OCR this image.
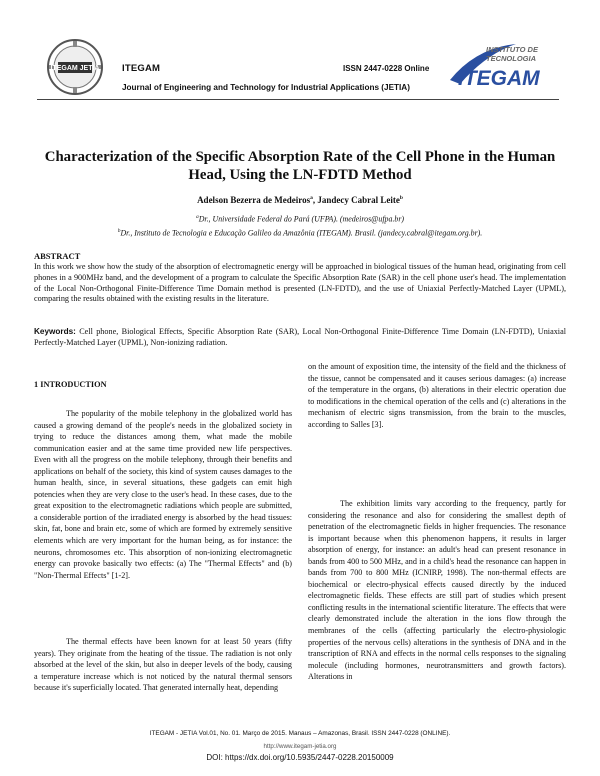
ITEGAM JETIA ITEGAM
Journal of Engineering and Technology for Industrial Applications (JETIA)
ISSN 2447-0228 Online
INSTITUTO DE
TECNOLOGIA
ITEGAM
Characterization of the Specific Absorption Rate of the Cell Phone in the Human Head, Using the LN-FDTD Method
Adelson Bezerra de Medeiros$^a$, Jandecy Cabral Leite$^b$
$^a$Dr., Universidade Federal do Pará (UFPA). (medeiros@ufpa.br)
$^b$Dr., Instituto de Tecnologia e Educação Galileo da Amazônia (ITEGAM). Brasil. (jandecy.cabral@itegam.org.br).
ABSTRACT
In this work we show how the study of the absorption of electromagnetic energy will be approached in biological tissues of the human head, originating from cell phones in a 900MHz band, and the development of a program to calculate the Specific Absorption Rate (SAR) in the cell phone user's head. The implementation of the Local Non-Orthogonal Finite-Difference Time Domain method is presented (LN-FDTD), and the use of Uniaxial Perfectly-Matched Layer (UPML), comparing the results obtained with the existing results in the literature.
Keywords: Cell phone, Biological Effects, Specific Absorption Rate (SAR), Local Non-Orthogonal Finite-Difference Time Domain (LN-FDTD), Uniaxial Perfectly-Matched Layer (UPML), Non-ionizing radiation.
1 INTRODUCTION

The popularity of the mobile telephony in the globalized world has caused a growing demand of the people's needs in the globalized society in trying to reduce the distances among them, what made the mobile communication easier and at the same time provided new life perspectives. Even with all the progress on the mobile telephony, through their benefits and applications on behalf of the society, this kind of system causes damages to the human health, since, in several situations, these gadgets can emit high potencies when they are very close to the user's head. In these cases, due to the great exposition to the electromagnetic radiations which people are submitted, a considerable portion of the irradiated energy is absorbed by the head tissues: skin, fat, bone and brain etc, some of which are formed by extremely sensitive elements which are very important for the human being, as for instance: the neurons, chromosomes etc. This absorption of non-ionizing electromagnetic energy can provoke basically two effects: (a) The "Thermal Effects" and (b) "Non-Thermal Effects" [1-2].

The thermal effects have been known for at least 50 years (fifty years). They originate from the heating of the tissue. The radiation is not only absorbed at the level of the skin, but also in deeper levels of the body, causing a temperature increase which is not noticed by the natural thermal sensors because it's superficially located. That generated internally heat, depending

on the amount of exposition time, the intensity of the field and the thickness of the tissue, cannot be compensated and it causes serious damages: (a) increase of the temperature in the organs, (b) alterations in their electric operation due to modifications in the chemical operation of the cells and (c) alterations in the mechanism of electric signs transmission, from the brain to the muscles, according to Salles [3].

The exhibition limits vary according to the frequency, partly for considering the resonance and also for considering the smallest depth of penetration of the electromagnetic fields in higher frequencies. The resonance is important because when this phenomenon happens, it results in larger absorption of energy, for instance: an adult's head can present resonance in bands from 400 to 500 MHz, and in a child's head the resonance can happen in bands from 700 to 800 MHz (ICNIRP, 1998). The non-thermal effects are biochemical or electro-physical effects caused directly by the induced electromagnetic fields. These effects are still part of studies which present conflicting results in the international scientific literature. The effects that were clearly demonstrated include the alteration in the ions flow through the membranes of the cells (affecting particularly the electro-physiologic properties of the nervous cells) alterations in the synthesis of DNA and in the transcription of RNA and effects in the normal cells responses to the signaling molecule (including hormones, neurotransmitters and growth factors). Alterations in

ITEGAM - JETIA Vol.01, No. 01. Março de 2015. Manaus – Amazonas, Brasil. ISSN 2447-0228 (ONLINE).
http://www.itegam-jetia.org
DOI: https://dx.doi.org/10.5935/2447-0228.20150009
